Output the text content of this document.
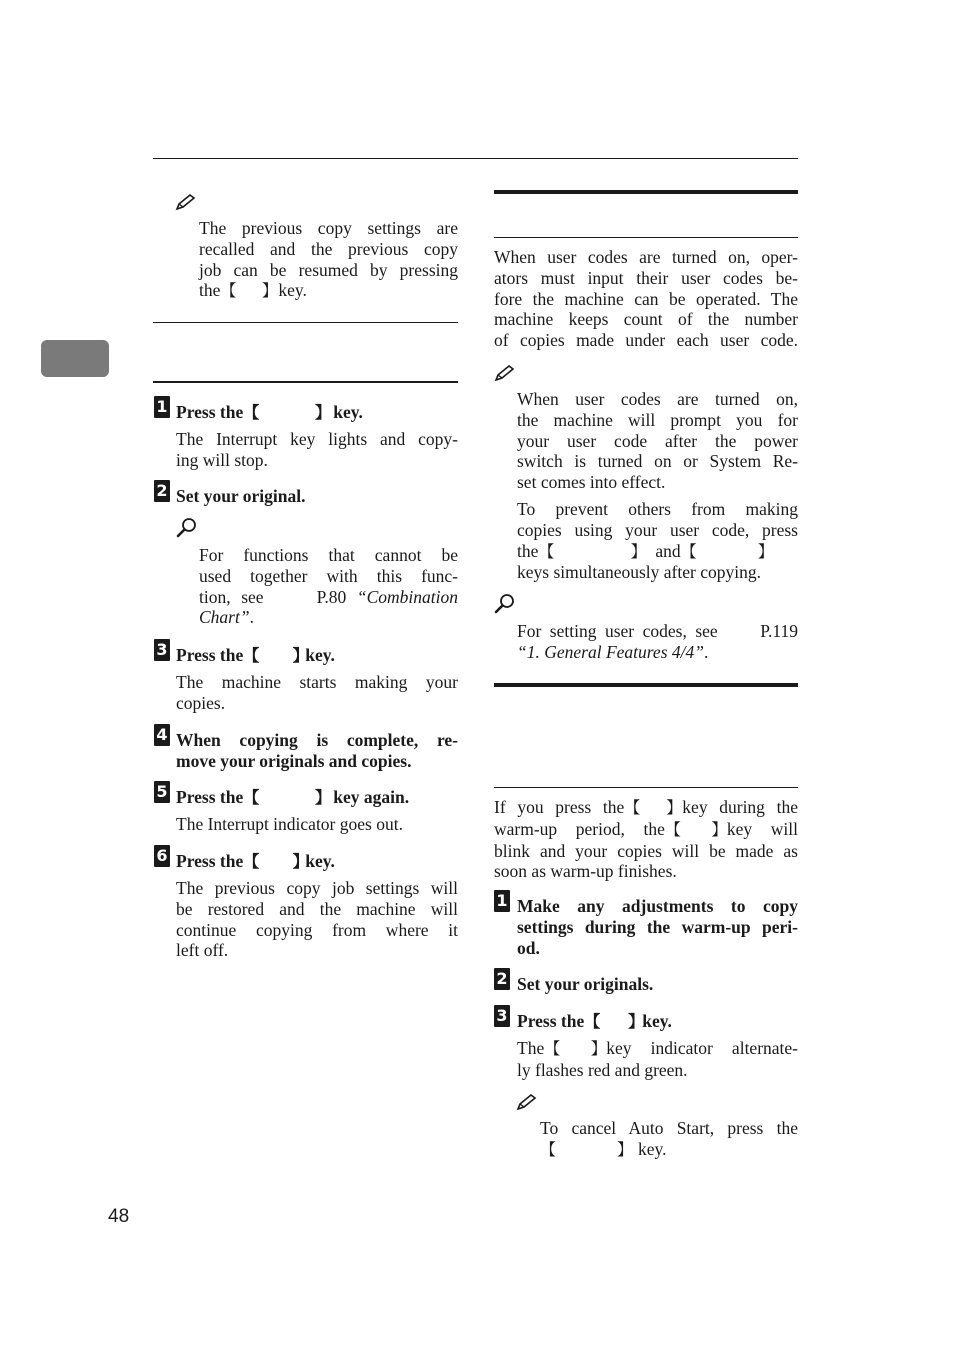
The previous copy settings are
recalled and the previous copy
job can be resumed by pressing
the【     】key.
1 Press the【          】 key.
The Interrupt key lights and copy-
ing will stop.
2 Set your original.
For functions that cannot be
used together with this func-
tion, see	P.80 “Combination
Chart”.
3 Press the【      】key.
The machine starts making your
copies.
4 When copying is complete, re-
move your originals and copies.
5 Press the【          】 key again.
The Interrupt indicator goes out.
6 Press the【      】key.
The previous copy job settings will
be restored and the machine will
continue copying from where it
left off.
When user codes are turned on, oper-
ators must input their user codes be-
fore the machine can be operated. The
machine keeps count of the number
of copies made under each user code.
When user codes are turned on,
the machine will prompt you for
your user code after the power
switch is turned on or System Re-
set comes into effect.
To prevent others from making
copies using your user code, press
the【               】 and【            】
keys simultaneously after copying.
For setting user codes, see P.119
“1. General Features 4/4”.
If you press the【     】key during the
warm-up period, the【      】key will
blink and your copies will be made as
soon as warm-up finishes.
1 Make any adjustments to copy
settings during the warm-up peri-
od.
2 Set your originals.
3 Press the【     】key.
The【      】key indicator alternate-
ly flashes red and green.
To cancel Auto Start, press the
【            】 key.
48
